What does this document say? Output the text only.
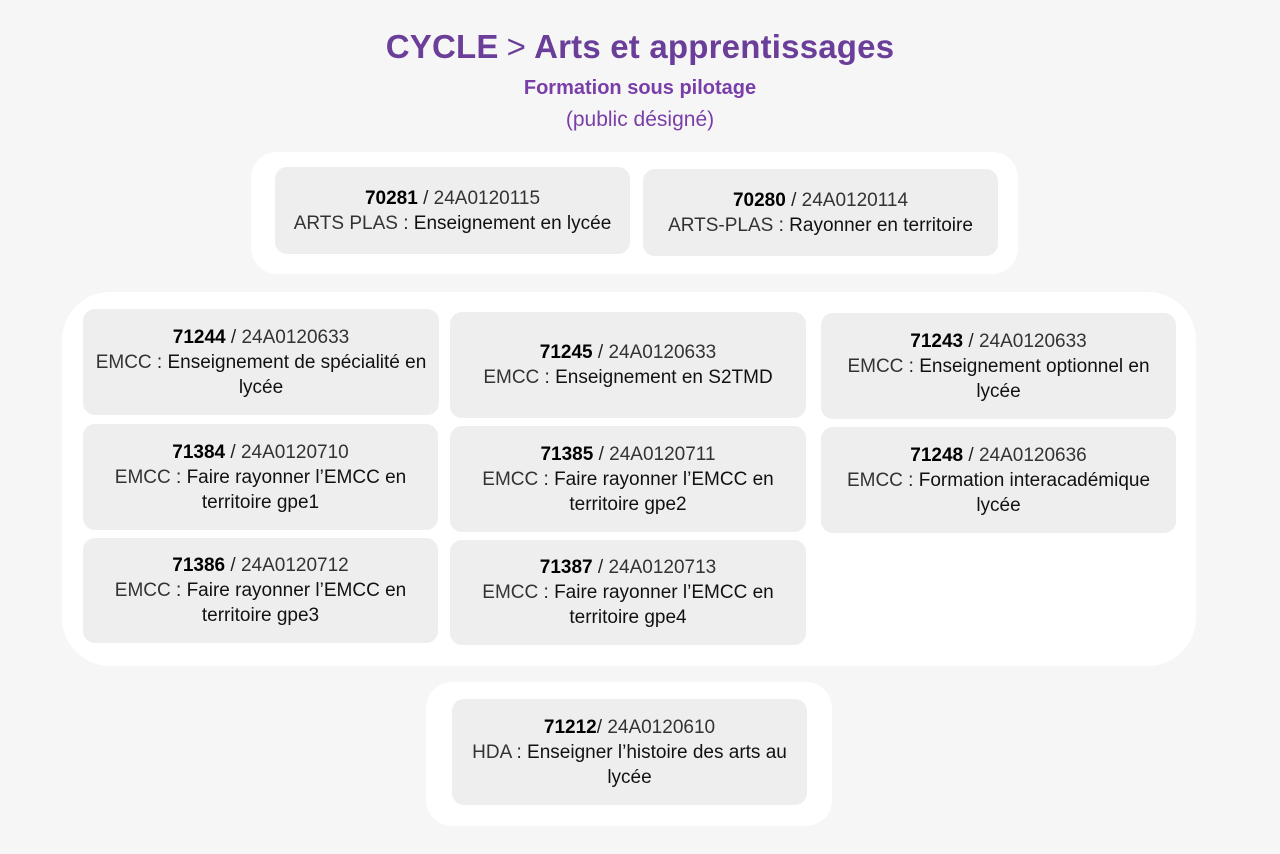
CYCLE > Arts et apprentissages
Formation sous pilotage
(public désigné)
70281 / 24A0120115
ARTS PLAS : Enseignement en lycée
70280 / 24A0120114
ARTS-PLAS : Rayonner en territoire
71244 / 24A0120633
EMCC : Enseignement de spécialité en lycée
71245 / 24A0120633
EMCC : Enseignement en S2TMD
71243 / 24A0120633
EMCC : Enseignement optionnel en lycée
71384 / 24A0120710
EMCC : Faire rayonner l’EMCC en territoire gpe1
71385 / 24A0120711
EMCC : Faire rayonner l’EMCC en territoire gpe2
71248 / 24A0120636
EMCC : Formation interacadémique lycée
71386 / 24A0120712
EMCC : Faire rayonner l’EMCC en territoire gpe3
71387 / 24A0120713
EMCC : Faire rayonner l’EMCC en territoire gpe4
71212/ 24A0120610
HDA : Enseigner l’histoire des arts au lycée
